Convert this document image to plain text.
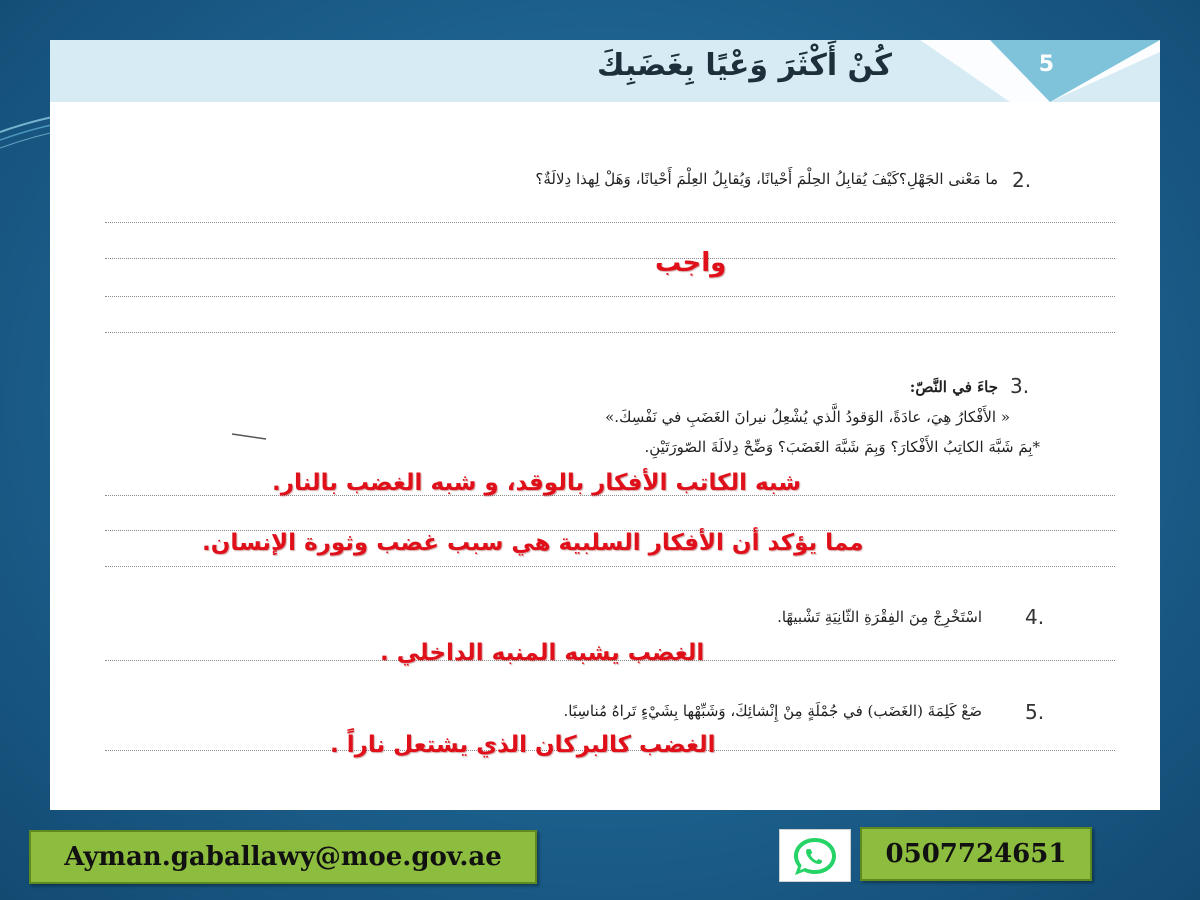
كُنْ أَكْثَرَ وَعْيًا بِغَضَبِكَ	5
2.
ما مَعْنى الجَهْلِ؟كَيْفَ يُقابِلُ الحِلْمَ أَحْيانًا، وَيُقابِلُ العِلْمَ أَحْيانًا، وَهَلْ لِهذا دِلالَةٌ؟
واجب
3.
جاءَ في النَّصّ:
« الأَفْكارُ هِيَ، عادَةً، الوَقودُ الَّذي يُشْعِلُ نيرانَ الغَضَبِ في نَفْسِكَ.»
*بِمَ شَبَّهَ الكاتِبُ الأَفْكارَ؟ وَبِمَ شَبَّهَ الغَضَبَ؟ وَضِّحْ دِلالَةَ الصّورَتَيْنِ.
شبه الكاتب الأفكار بالوقد، و شبه الغضب بالنار.
مما يؤكد أن الأفكار السلبية هي سبب غضب وثورة الإنسان.
4.
اسْتَخْرِجْ مِنَ الفِقْرَةِ الثّانِيَةِ تَشْبيهًا.
الغضب يشبه المنبه الداخلي .
5.
ضَعْ كَلِمَةَ (الغَضَب) في جُمْلَةٍ مِنْ إِنْشائِكَ، وَشَبِّهْها بِشَيْءٍ تَراهُ مُناسِبًا.
الغضب كالبركان الذي يشتعل ناراً .
Ayman.gaballawy@moe.gov.ae	0507724651
